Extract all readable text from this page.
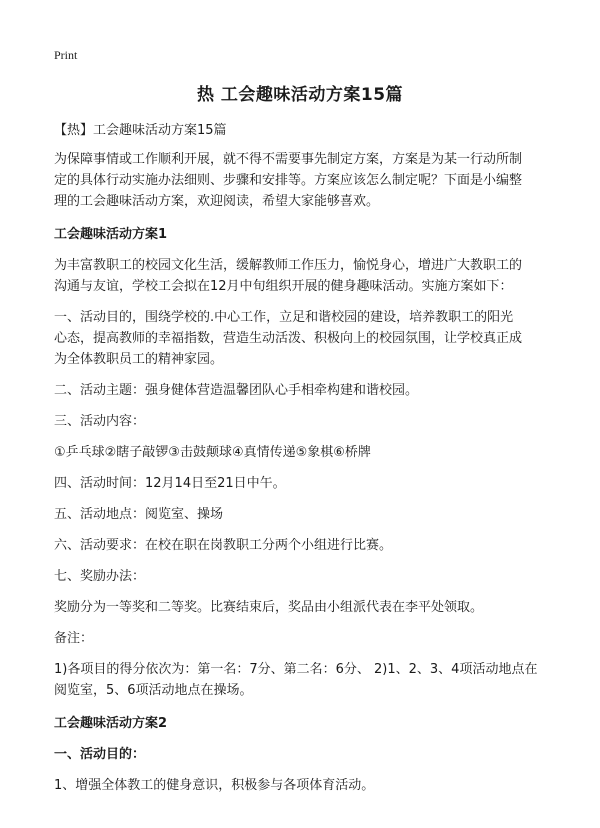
Print
热 工会趣味活动方案15篇

【热】工会趣味活动方案15篇

为保障事情或工作顺利开展，就不得不需要事先制定方案，方案是为某一行动所制

定的具体行动实施办法细则、步骤和安排等。方案应该怎么制定呢？下面是小编整

理的工会趣味活动方案，欢迎阅读，希望大家能够喜欢。

工会趣味活动方案1

为丰富教职工的校园文化生活，缓解教师工作压力，愉悦身心，增进广大教职工的

沟通与友谊，学校工会拟在12月中旬组织开展的健身趣味活动。实施方案如下：

一、活动目的，围绕学校的.中心工作，立足和谐校园的建设，培养教职工的阳光

心态，提高教师的幸福指数，营造生动活泼、积极向上的校园氛围，让学校真正成

为全体教职员工的精神家园。

二、活动主题：强身健体营造温馨团队心手相牵构建和谐校园。

三、活动内容：

①乒乓球②瞎子敲锣③击鼓颠球④真情传递⑤象棋⑥桥牌

四、活动时间：12月14日至21日中午。

五、活动地点：阅览室、操场

六、活动要求：在校在职在岗教职工分两个小组进行比赛。

七、奖励办法：

奖励分为一等奖和二等奖。比赛结束后，奖品由小组派代表在李平处领取。

备注：

1)各项目的得分依次为：第一名：7分、第二名：6分、 2)1、2、3、4项活动地点在

阅览室，5、6项活动地点在操场。

工会趣味活动方案2

一、活动目的：

1、增强全体教工的健身意识，积极参与各项体育活动。
